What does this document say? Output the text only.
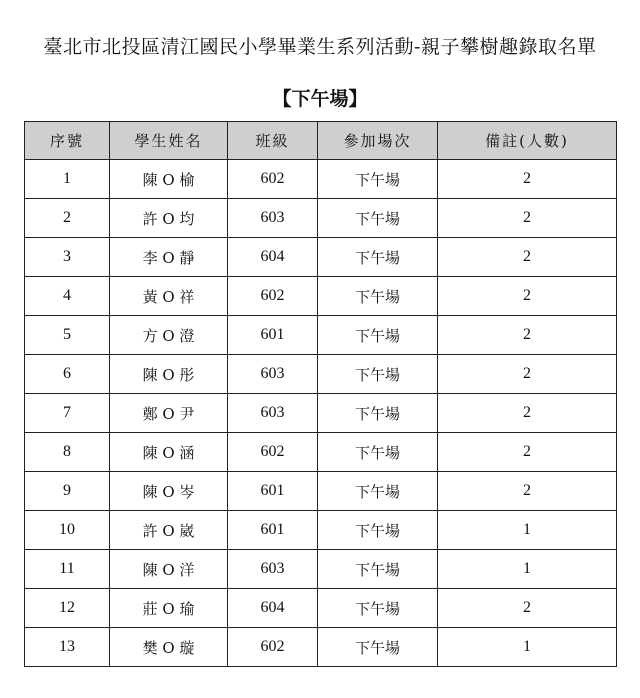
臺北市北投區清江國民小學畢業生系列活動-親子攀樹趣錄取名單
【下午場】
序號	學生姓名	班級	參加場次	備註(人數)
1	陳 O 榆	602	下午場	2
2	許 O 均	603	下午場	2
3	李 O 靜	604	下午場	2
4	黃 O 祥	602	下午場	2
5	方 O 澄	601	下午場	2
6	陳 O 彤	603	下午場	2
7	鄭 O 尹	603	下午場	2
8	陳 O 涵	602	下午場	2
9	陳 O 岑	601	下午場	2
10	許 O 崴	601	下午場	1
11	陳 O 洋	603	下午場	1
12	莊 O 瑜	604	下午場	2
13	樊 O 璇	602	下午場	1
